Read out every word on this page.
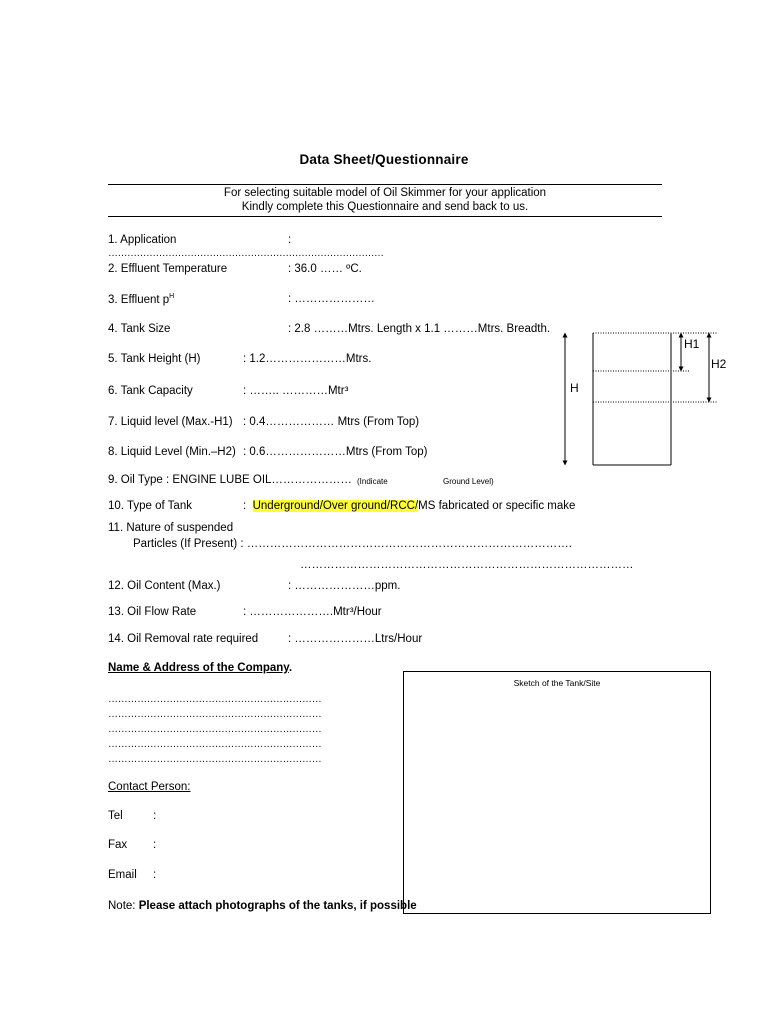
Data Sheet/Questionnaire
For selecting suitable model of Oil Skimmer for your application
Kindly complete this Questionnaire and send back to us.
1. Application	:
……………………………………………………………………………
2. Effluent Temperature	: 36.0 …… ºC.
3. Effluent $p^H$	: …………………
4. Tank Size	: 2.8 ………Mtrs. Length x 1.1 ………Mtrs. Breadth.
5. Tank Height (H)	: 1.2…………………Mtrs.
6. Tank Capacity	: …….. …………Mtr³
7. Liquid level (Max.-H1) : 0.4……………… Mtrs (From Top)
8. Liquid Level (Min.–H2) : 0.6…………………Mtrs (From Top)
9. Oil Type : ENGINE LUBE OIL………………… (Indicate	Ground Level)
10. Type of Tank	: Underground/Over ground/RCC/MS fabricated or specific make
11. Nature of suspended
Particles (If Present) : ………………………………………………………………………….
……………………………………………………………………………
12. Oil Content (Max.)	: …………………ppm.
13. Oil Flow Rate	: ………………….Mtr³/Hour
14. Oil Removal rate required	: …………………Ltrs/Hour
Name & Address of the Company.
…………………………………………………………
…………………………………………………………
…………………………………………………………
…………………………………………………………
…………………………………………………………
Contact Person:
Tel	:
Fax :
Email :
Note: Please attach photographs of the tanks, if possible
Sketch of the Tank/Site
H
H1
H2
